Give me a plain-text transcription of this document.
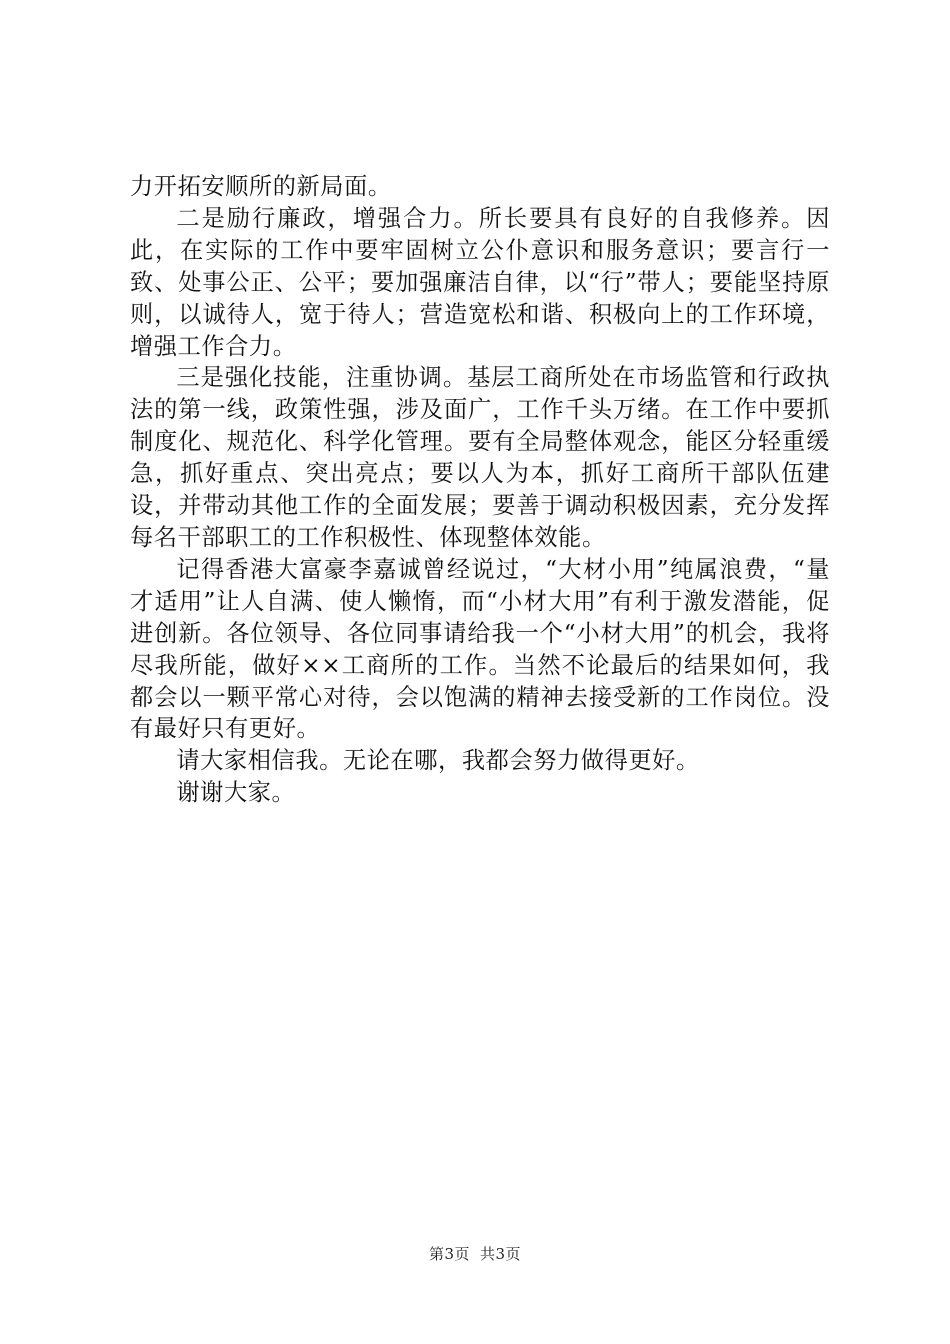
力开拓安顺所的新局面。

二是励行廉政，增强合力。所长要具有良好的自我修养。因此，在实际的工作中要牢固树立公仆意识和服务意识；要言行一致、处事公正、公平；要加强廉洁自律，以“行”带人；要能坚持原则，以诚待人，宽于待人；营造宽松和谐、积极向上的工作环境，增强工作合力。

三是强化技能，注重协调。基层工商所处在市场监管和行政执法的第一线，政策性强，涉及面广，工作千头万绪。在工作中要抓制度化、规范化、科学化管理。要有全局整体观念，能区分轻重缓急，抓好重点、突出亮点；要以人为本，抓好工商所干部队伍建设，并带动其他工作的全面发展；要善于调动积极因素，充分发挥每名干部职工的工作积极性、体现整体效能。

记得香港大富豪李嘉诚曾经说过，“大材小用”纯属浪费，“量才适用”让人自满、使人懒惰，而“小材大用”有利于激发潜能，促进创新。各位领导、各位同事请给我一个“小材大用”的机会，我将尽我所能，做好××工商所的工作。当然不论最后的结果如何，我都会以一颗平常心对待，会以饱满的精神去接受新的工作岗位。没有最好只有更好。

请大家相信我。无论在哪，我都会努力做得更好。

谢谢大家。

第3页 共3页
